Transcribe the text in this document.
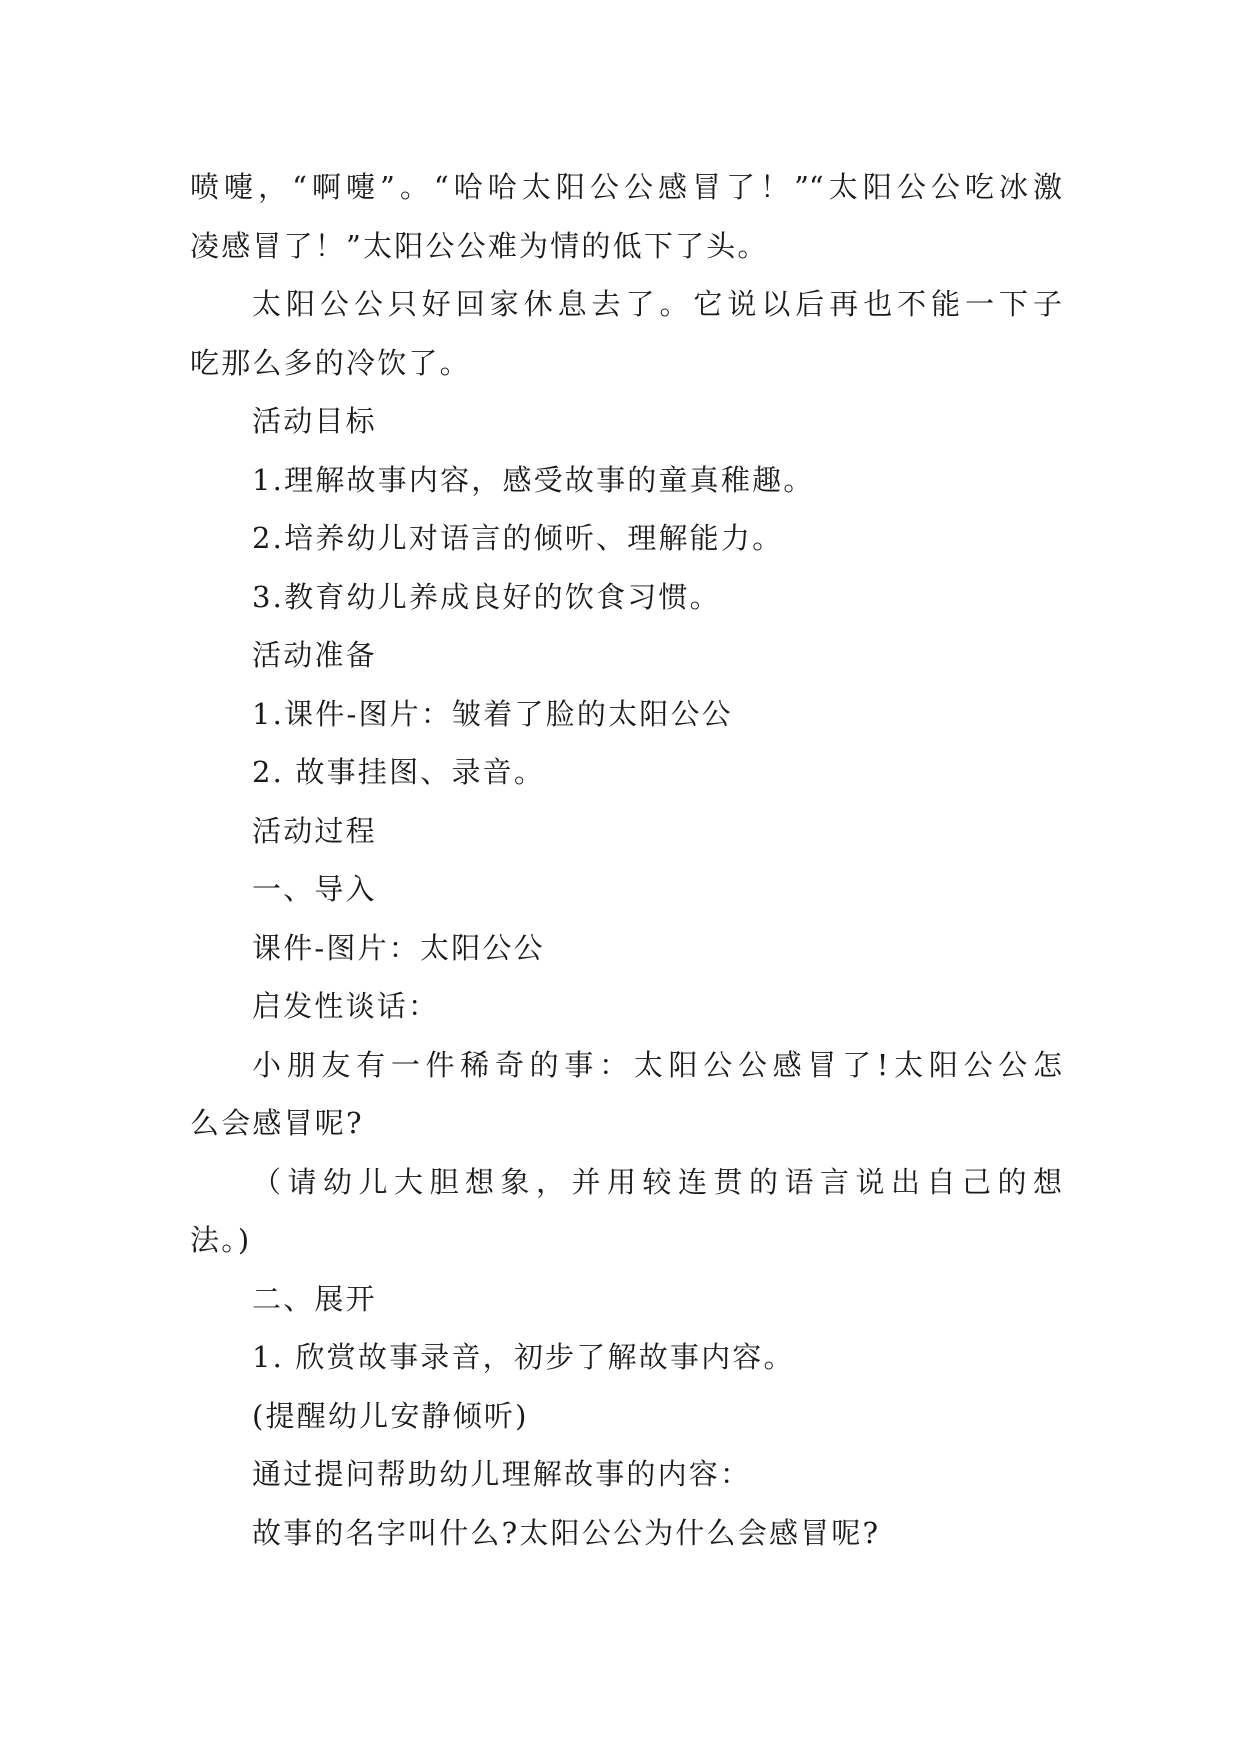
喷嚏，“啊嚏”。“哈哈太阳公公感冒了！”“太阳公公吃冰激
凌感冒了！”太阳公公难为情的低下了头。
太阳公公只好回家休息去了。它说以后再也不能一下子
吃那么多的冷饮了。
活动目标
1.理解故事内容，感受故事的童真稚趣。
2.培养幼儿对语言的倾听、理解能力。
3.教育幼儿养成良好的饮食习惯。
活动准备
1.课件-图片：皱着了脸的太阳公公
2. 故事挂图、录音。
活动过程
一、导入
课件-图片：太阳公公
启发性谈话：
小朋友有一件稀奇的事：太阳公公感冒了!太阳公公怎
么会感冒呢?
（请幼儿大胆想象，并用较连贯的语言说出自己的想
法。)
二、展开
1. 欣赏故事录音，初步了解故事内容。
(提醒幼儿安静倾听)
通过提问帮助幼儿理解故事的内容：
故事的名字叫什么?太阳公公为什么会感冒呢?
